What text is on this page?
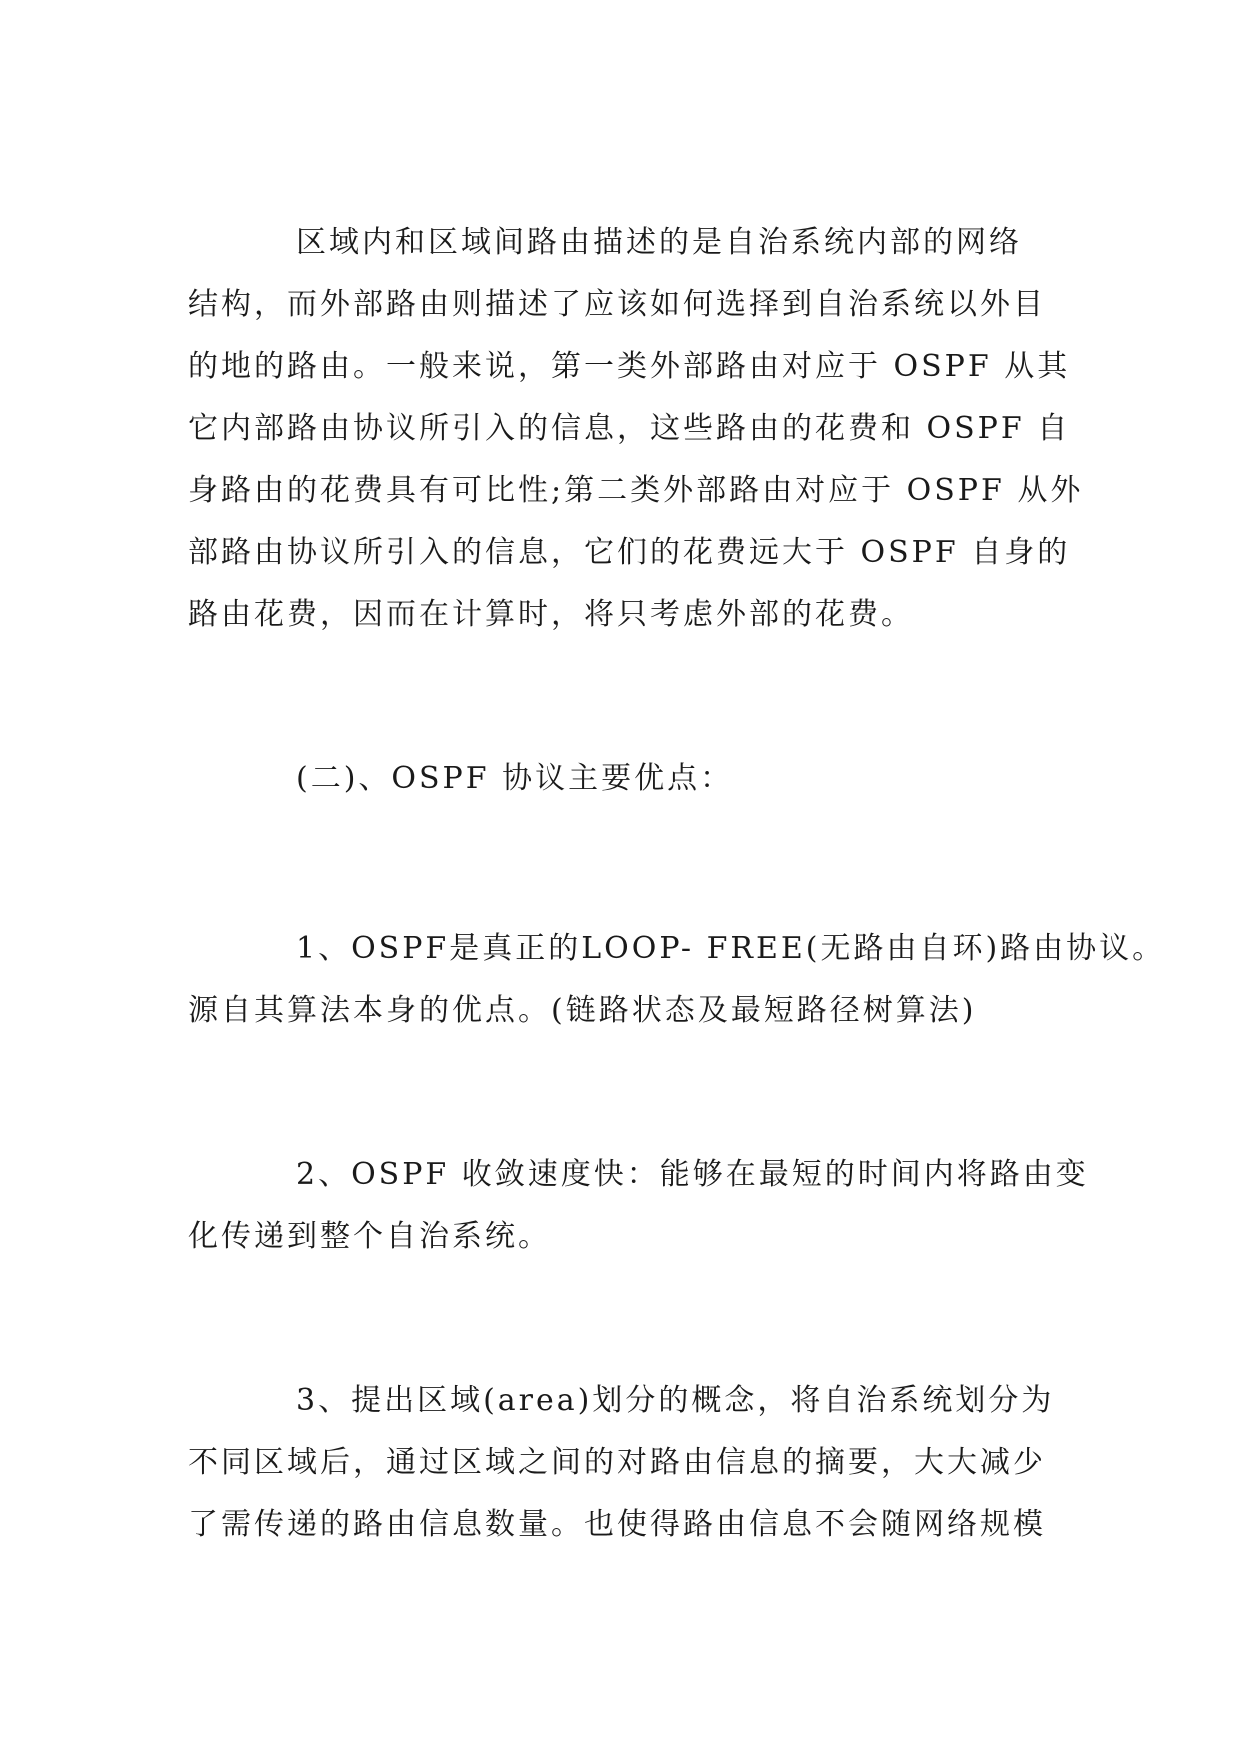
区域内和区域间路由描述的是自治系统内部的网络
结构，而外部路由则描述了应该如何选择到自治系统以外目
的地的路由。一般来说，第一类外部路由对应于 OSPF 从其
它内部路由协议所引入的信息，这些路由的花费和 OSPF 自
身路由的花费具有可比性;第二类外部路由对应于 OSPF 从外
部路由协议所引入的信息，它们的花费远大于 OSPF 自身的
路由花费，因而在计算时，将只考虑外部的花费。
(二)、OSPF 协议主要优点：
1、OSPF是真正的LOOP- FREE(无路由自环)路由协议。
源自其算法本身的优点。(链路状态及最短路径树算法)
2、OSPF 收敛速度快：能够在最短的时间内将路由变
化传递到整个自治系统。
3、提出区域(area)划分的概念，将自治系统划分为
不同区域后，通过区域之间的对路由信息的摘要，大大减少
了需传递的路由信息数量。也使得路由信息不会随网络规模
